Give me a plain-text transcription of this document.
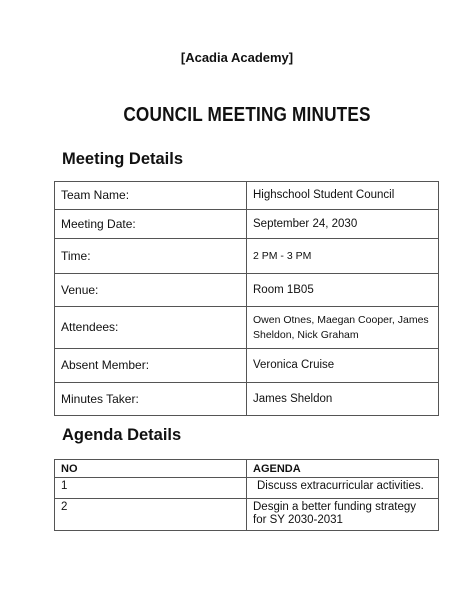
[Acadia Academy]
COUNCIL MEETING MINUTES
Meeting Details
Team Name:	Highschool Student Council
Meeting Date:	September 24, 2030
Time:	2 PM - 3 PM
Venue:	Room 1B05
Attendees:	Owen Otnes, Maegan Cooper, James Sheldon, Nick Graham
Absent Member:	Veronica Cruise
Minutes Taker:	James Sheldon
Agenda Details
NO	AGENDA
1	Discuss extracurricular activities.
2	Desgin a better funding strategy for SY 2030-2031
